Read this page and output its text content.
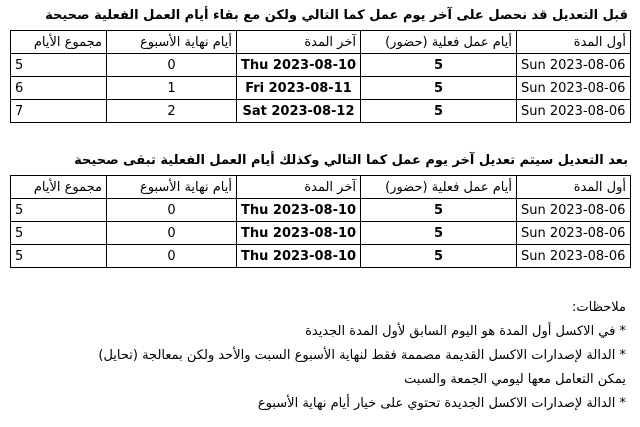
قبل التعديل قد نحصل على آخر يوم عمل كما التالي ولكن مع بقاء أيام العمل الفعلية صحيحة
أول المدة	أيام عمل فعلية (حضور)	آخر المدة	أيام نهاية الأسبوع	مجموع الأيام
Sun 2023-08-06	5	Thu 2023-08-10	0	5
Sun 2023-08-06	5	Fri 2023-08-11	1	6
Sun 2023-08-06	5	Sat 2023-08-12	2	7
بعد التعديل سيتم تعديل آخر يوم عمل كما التالي وكذلك أيام العمل الفعلية تبقى صحيحة
أول المدة	أيام عمل فعلية (حضور)	آخر المدة	أيام نهاية الأسبوع	مجموع الأيام
Sun 2023-08-06	5	Thu 2023-08-10	0	5
Sun 2023-08-06	5	Thu 2023-08-10	0	5
Sun 2023-08-06	5	Thu 2023-08-10	0	5
ملاحظات:
* في الاكسل أول المدة هو اليوم السابق لأول المدة الجديدة
* الدالة لإصدارات الاكسل القديمة مصممة فقط لنهاية الأسبوع السبت والأحد ولكن بمعالجة (تحايل)
يمكن التعامل معها ليومي الجمعة والسبت
* الدالة لإصدارات الاكسل الجديدة تحتوي على خيار أيام نهاية الأسبوع
